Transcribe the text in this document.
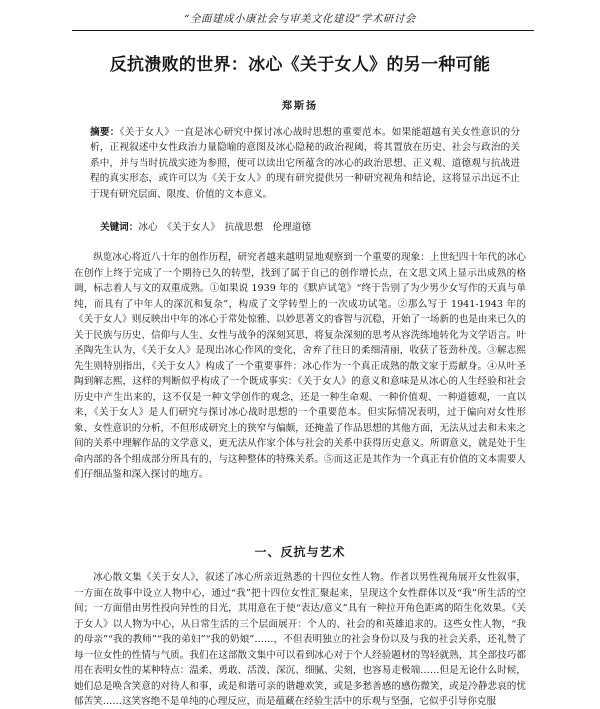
“全面建成小康社会与审美文化建设”学术研讨会
反抗溃败的世界：冰心《关于女人》的另一种可能
郑斯扬
摘要：《关于女人》一直是冰心研究中探讨冰心战时思想的重要范本。如果能超越有关女性意识的分析，正视叙述中女性政治力量隐喻的意图及冰心隐秘的政治视阈，将其置放在历史、社会与政治的关系中，并与当时抗战实迹为参照，便可以读出它所蕴含的冰心的政治思想、正义观、道德观与抗战进程的真实形态，或许可以为《关于女人》的现有研究提供另一种研究视角和结论，这将显示出远不止于现有研究层面、限度、价值的文本意义。
关键词：冰心　《关于女人》　抗战思想　伦理道德

纵览冰心将近八十年的创作历程，研究者越来越明显地观察到一个重要的现象：上世纪四十年代的冰心在创作上终于完成了一个期待已久的转型，找到了属于自己的创作增长点，在文思文风上显示出成熟的格调，标志着人与文的双重成熟。①如果说 1939 年的《默庐试笔》“终于告别了为少男少女写作的天真与单纯，而具有了中年人的深沉和复杂”，构成了文学转型上的一次成功试笔。②那么写于 1941-1943 年的《关于女人》则反映出中年的冰心于常处惊雅、以妙思著文的睿智与沉稳，开始了一场新的也是由来已久的关于民族与历史、信仰与人生、女性与战争的深刻冥思，将复杂深刻的思考从容洗练地转化为文学语言。叶圣陶先生认为，《关于女人》是现出冰心作风的变化，舍弃了往日的柔细清丽，收获了苍劲朴茂。③解志熙先生则特别指出，《关于女人》构成了一个重要事件：冰心作为一个真正成熟的散文家于焉献身。④从叶圣陶到解志熙，这样的判断似乎构成了一个既成事实：《关于女人》的意义和意味是从冰心的人生经验和社会历史中产生出来的，这不仅是一种文学创作的观念，还是一种生命观、一种价值观、一种道德观，一直以来，《关于女人》是人们研究与探讨冰心战时思想的一个重要范本。但实际情况表明，过于偏向对女性形象、女性意识的分析，不但形成研究上的狭窄与偏颇，还掩盖了作品思想的其他方面，无法从过去和未来之间的关系中理解作品的文学意义，更无法从作家个体与社会的关系中获得历史意义。所谓意义，就是处于生命内部的各个组成部分所具有的，与这种整体的特殊关系。⑤而这正是其作为一个真正有价值的文本需要人们仔细品鉴和深入探讨的地方。

一、反抗与艺术

冰心散文集《关于女人》，叙述了冰心所亲近熟悉的十四位女性人物。作者以男性视角展开女性叙事，一方面在故事中设立人物中心，通过“我”把十四位女性汇聚起来，呈现这个女性群体以及“我”所生活的空间；一方面借由男性投向异性的目光，其用意在于使“表达/意义”具有一种拉开角色距离的陌生化效果。《关于女人》以人物为中心，从日常生活的三个层面展开：个人的、社会的和英雄追求的。这些女性人物，“我的母亲”“我的教师”“我的弟妇”“我的奶娘”……，不但表明独立的社会身份以及与我的社会关系，还礼赞了每一位女性的性情与气质。我们在这部散文集中可以看到冰心对于个人经验题材的驾轻就熟，其全部技巧都用在表明女性的某种特点：温柔、勇敢、活泼、深沉、细腻、尖刻，也容易走极端……但是无论什么时候，她们总是唤含笑意的对待人和事，或是和谐可亲的谐趣欢笑，或是多愁善感的感伤微笑，或是冷静悲哀的忧郁苦笑……这笑容绝不是单纯的心理反应，而是蕴藏在经验生活中的乐观与坚强，它似乎引导你克服
